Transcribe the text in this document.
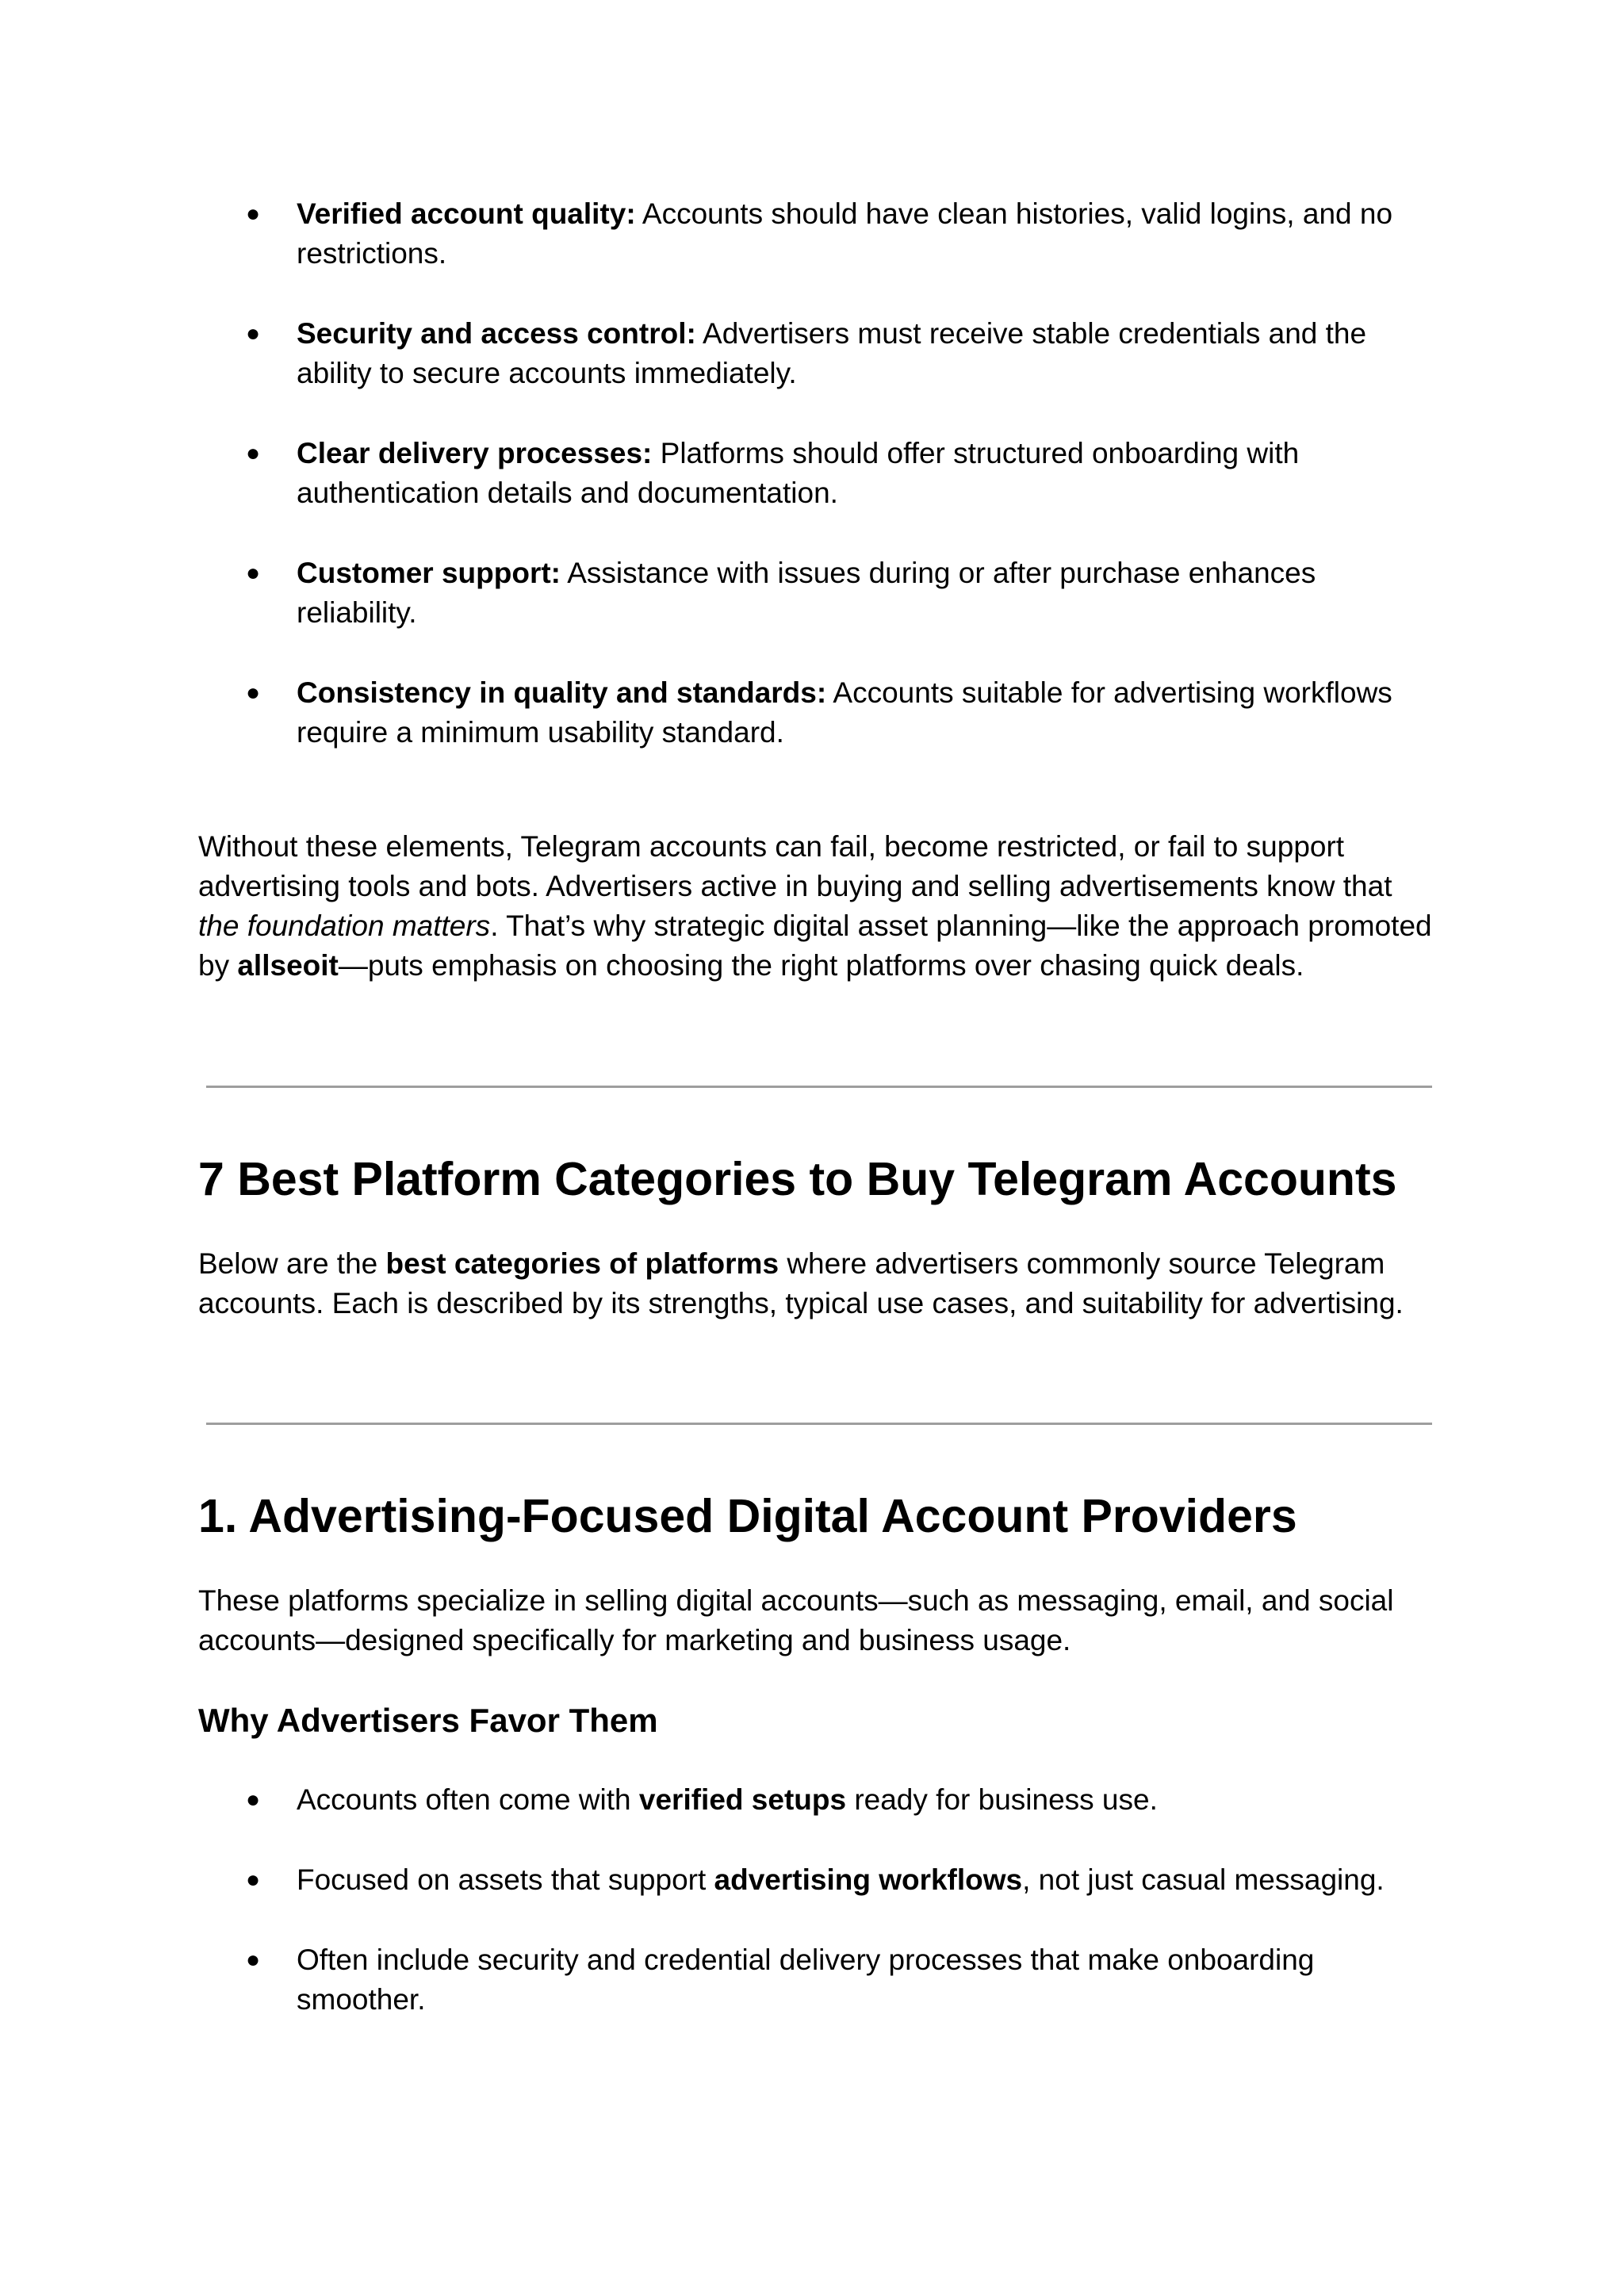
● Verified account quality: Accounts should have clean histories, valid logins, and no restrictions.
● Security and access control: Advertisers must receive stable credentials and the ability to secure accounts immediately.
● Clear delivery processes: Platforms should offer structured onboarding with authentication details and documentation.
● Customer support: Assistance with issues during or after purchase enhances reliability.
● Consistency in quality and standards: Accounts suitable for advertising workflows require a minimum usability standard.

Without these elements, Telegram accounts can fail, become restricted, or fail to support advertising tools and bots. Advertisers active in buying and selling advertisements know that the foundation matters. That’s why strategic digital asset planning—like the approach promoted by allseoit—puts emphasis on choosing the right platforms over chasing quick deals.

7 Best Platform Categories to Buy Telegram Accounts

Below are the best categories of platforms where advertisers commonly source Telegram accounts. Each is described by its strengths, typical use cases, and suitability for advertising.

1. Advertising-Focused Digital Account Providers

These platforms specialize in selling digital accounts—such as messaging, email, and social accounts—designed specifically for marketing and business usage.

Why Advertisers Favor Them
● Accounts often come with verified setups ready for business use.
● Focused on assets that support advertising workflows, not just casual messaging.
● Often include security and credential delivery processes that make onboarding smoother.
